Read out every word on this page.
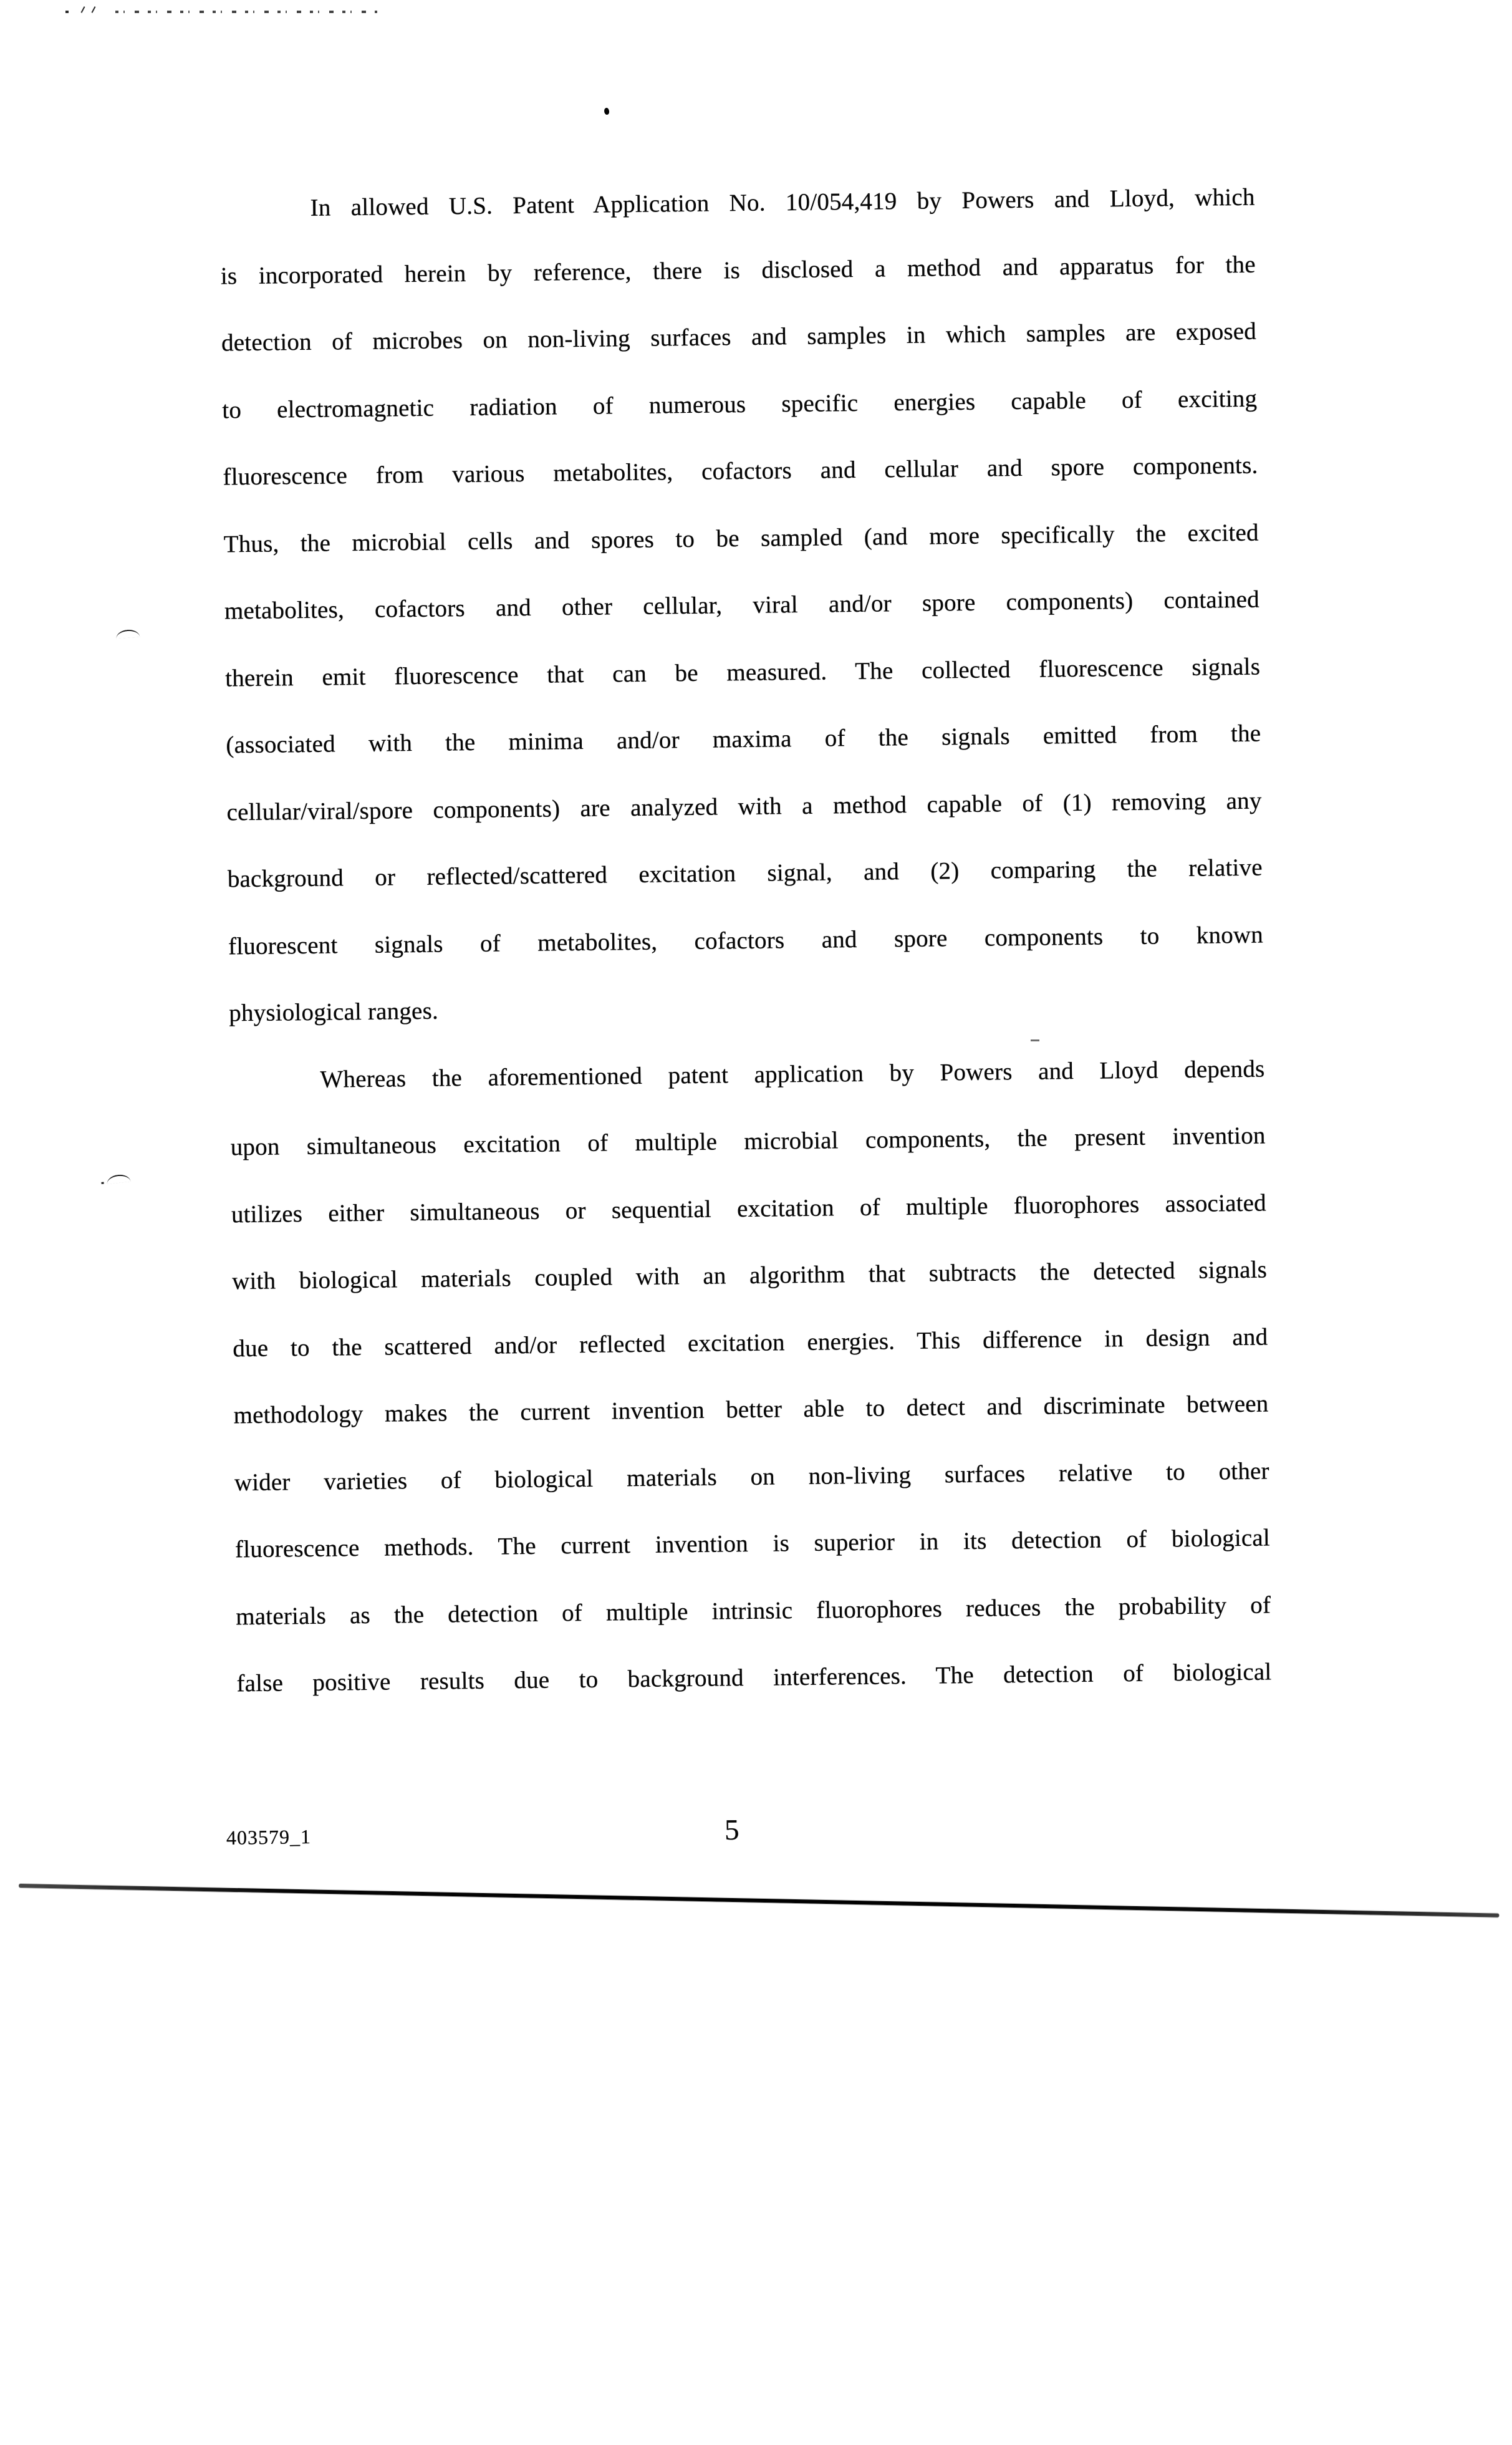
In allowed U.S. Patent Application No. 10/054,419 by Powers and Lloyd, which
is incorporated herein by reference, there is disclosed a method and apparatus for the
detection of microbes on non-living surfaces and samples in which samples are exposed
to electromagnetic radiation of numerous specific energies capable of exciting
fluorescence from various metabolites, cofactors and cellular and spore components.
Thus, the microbial cells and spores to be sampled (and more specifically the excited
metabolites, cofactors and other cellular, viral and/or spore components) contained
therein emit fluorescence that can be measured. The collected fluorescence signals
(associated with the minima and/or maxima of the signals emitted from the
cellular/viral/spore components) are analyzed with a method capable of (1) removing any
background or reflected/scattered excitation signal, and (2) comparing the relative
fluorescent signals of metabolites, cofactors and spore components to known
physiological ranges.
Whereas the aforementioned patent application by Powers and Lloyd depends
upon simultaneous excitation of multiple microbial components, the present invention
utilizes either simultaneous or sequential excitation of multiple fluorophores associated
with biological materials coupled with an algorithm that subtracts the detected signals
due to the scattered and/or reflected excitation energies. This difference in design and
methodology makes the current invention better able to detect and discriminate between
wider varieties of biological materials on non-living surfaces relative to other
fluorescence methods. The current invention is superior in its detection of biological
materials as the detection of multiple intrinsic fluorophores reduces the probability of
false positive results due to background interferences. The detection of biological
403579_1	5
